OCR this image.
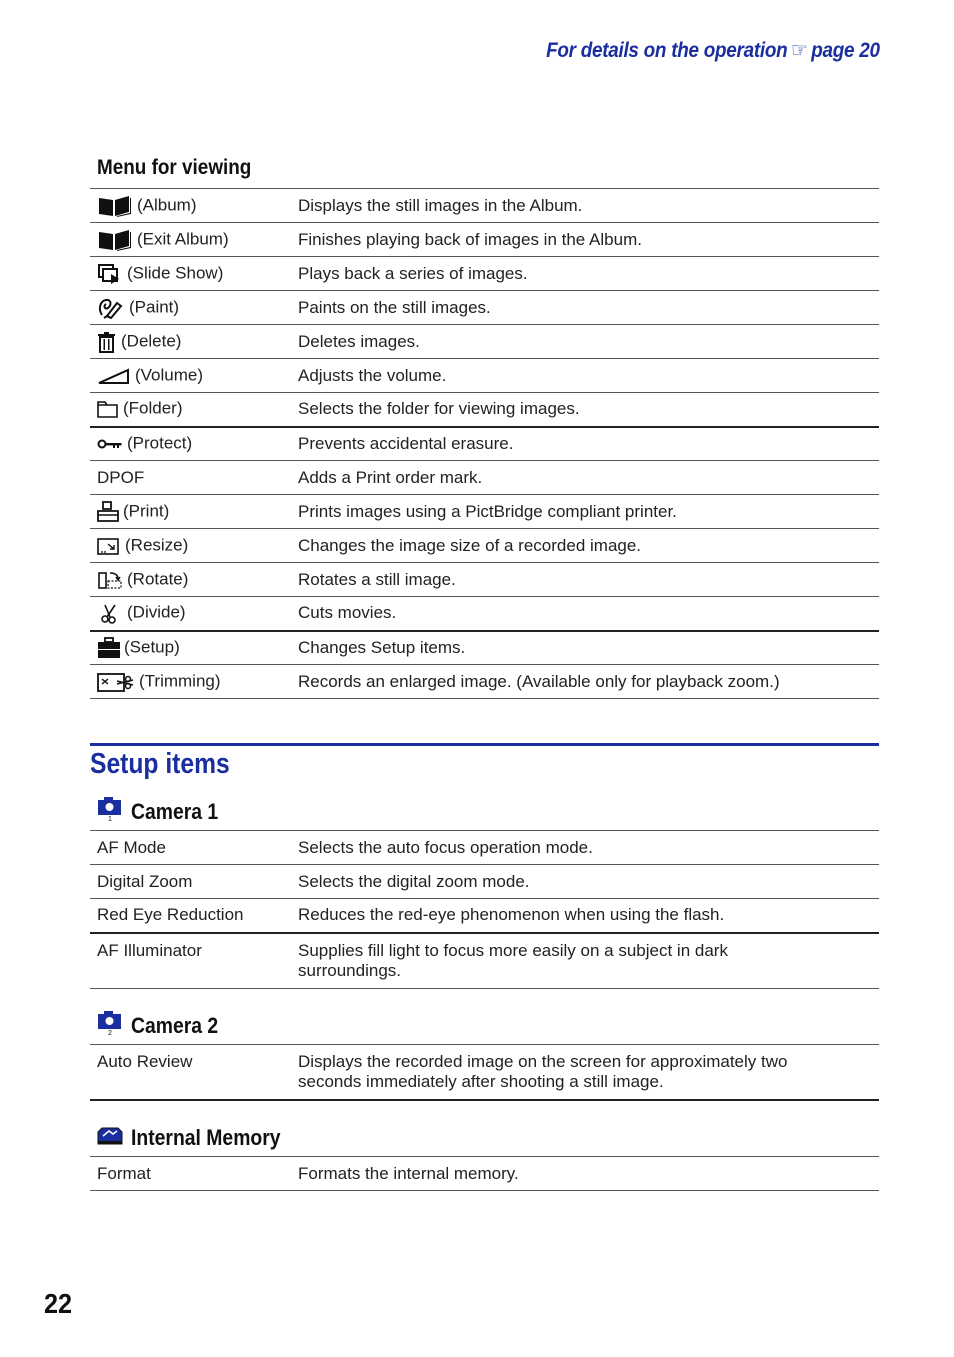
For details on the operation ☞ page 20
Menu for viewing
(Album)	Displays the still images in the Album.

(Exit Album)	Finishes playing back of images in the Album.

(Slide Show)	Plays back a series of images.

(Paint)	Paints on the still images.

(Delete)	Deletes images.

(Volume)	Adjusts the volume.

(Folder)	Selects the folder for viewing images.

(Protect)	Prevents accidental erasure.
DPOF	Adds a Print order mark.

(Print)	Prints images using a PictBridge compliant printer.

(Resize)	Changes the image size of a recorded image.

(Rotate)	Rotates a still image.

(Divide)	Cuts movies.

(Setup)	Changes Setup items.

(Trimming)	Records an enlarged image. (Available only for playback zoom.)
Setup items
1 Camera 1
AF Mode	Selects the auto focus operation mode.
Digital Zoom	Selects the digital zoom mode.
Red Eye Reduction	Reduces the red-eye phenomenon when using the flash.
AF Illuminator	Supplies fill light to focus more easily on a subject in dark surroundings.
2 Camera 2
Auto Review	Displays the recorded image on the screen for approximately two seconds immediately after shooting a still image.
Internal Memory
Format	Formats the internal memory.
22
